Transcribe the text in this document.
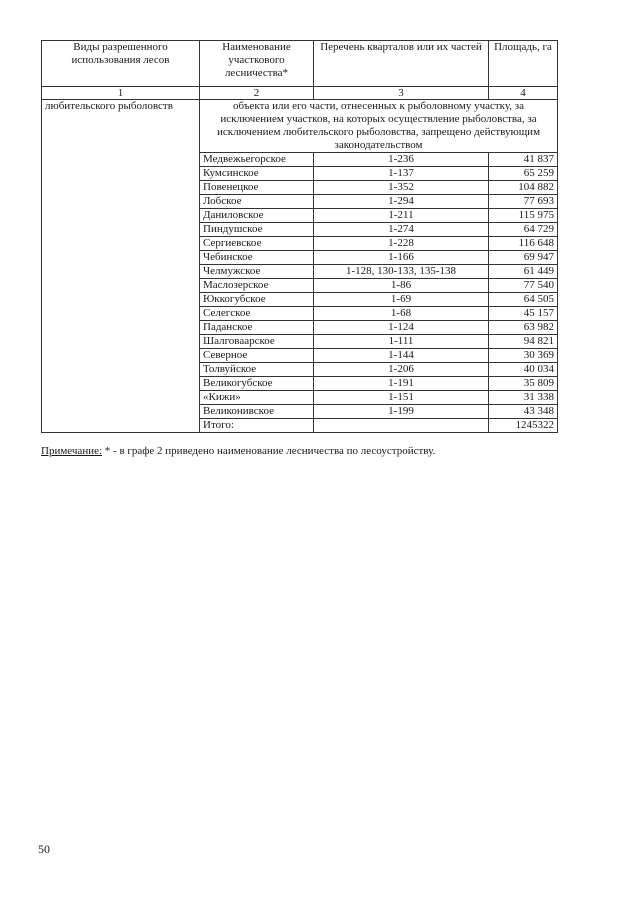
Виды разрешенного использования лесов	Наименование участкового лесничества*	Перечень кварталов или их частей	Площадь, га
1	2	3	4
любительского рыболовств	объекта или его части, отнесенных к рыболовному участку, за исключением участков, на которых осуществление рыболовства, за исключением любительского рыболовства, запрещено действующим законодательством		
	Медвежьегорское	1-236	41 837
	Кумсинское	1-137	65 259
	Повенецкое	1-352	104 882
	Лобское	1-294	77 693
	Даниловское	1-211	115 975
	Пиндушское	1-274	64 729
	Сергиевское	1-228	116 648
	Чебинское	1-166	69 947
	Челмужское	1-128, 130-133, 135-138	61 449
	Маслозерское	1-86	77 540
	Юккогубское	1-69	64 505
	Селегское	1-68	45 157
	Паданское	1-124	63 982
	Шалговаарское	1-111	94 821
	Северное	1-144	30 369
	Толвуйское	1-206	40 034
	Великогубское	1-191	35 809
	«Кижи»	1-151	31 338
	Великонивское	1-199	43 348
	Итого:		1245322
Примечание: * - в графе 2 приведено наименование лесничества по лесоустройству.
50
